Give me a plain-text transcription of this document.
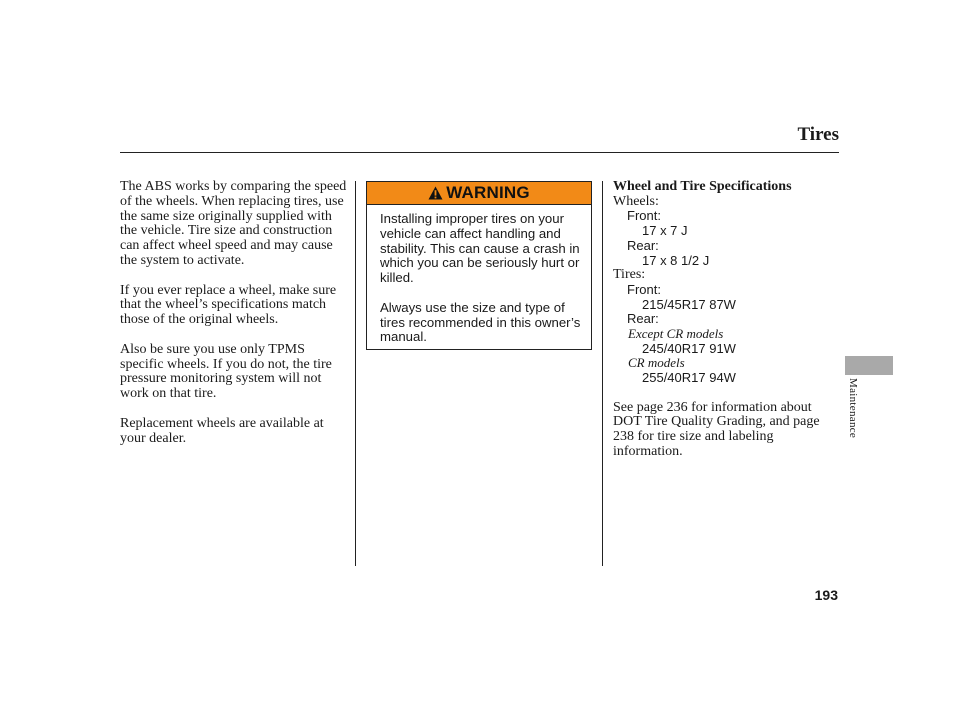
Tires

The ABS works by comparing the speed of the wheels. When replacing tires, use the same size originally supplied with the vehicle. Tire size and construction can affect wheel speed and may cause the system to activate.

If you ever replace a wheel, make sure that the wheel’s specifications match those of the original wheels.

Also be sure you use only TPMS specific wheels. If you do not, the tire pressure monitoring system will not work on that tire.

Replacement wheels are available at your dealer.

WARNING

Installing improper tires on your vehicle can affect handling and stability. This can cause a crash in which you can be seriously hurt or killed.

Always use the size and type of tires recommended in this owner’s manual.

Wheel and Tire Specifications
Wheels:
Front:
17 x 7 J
Rear:
17 x 8 1/2 J
Tires:
Front:
215/45R17 87W
Rear:
Except CR models
245/40R17 91W
CR models
255/40R17 94W
See page 236 for information about DOT Tire Quality Grading, and page 238 for tire size and labeling information.
Maintenance
193
